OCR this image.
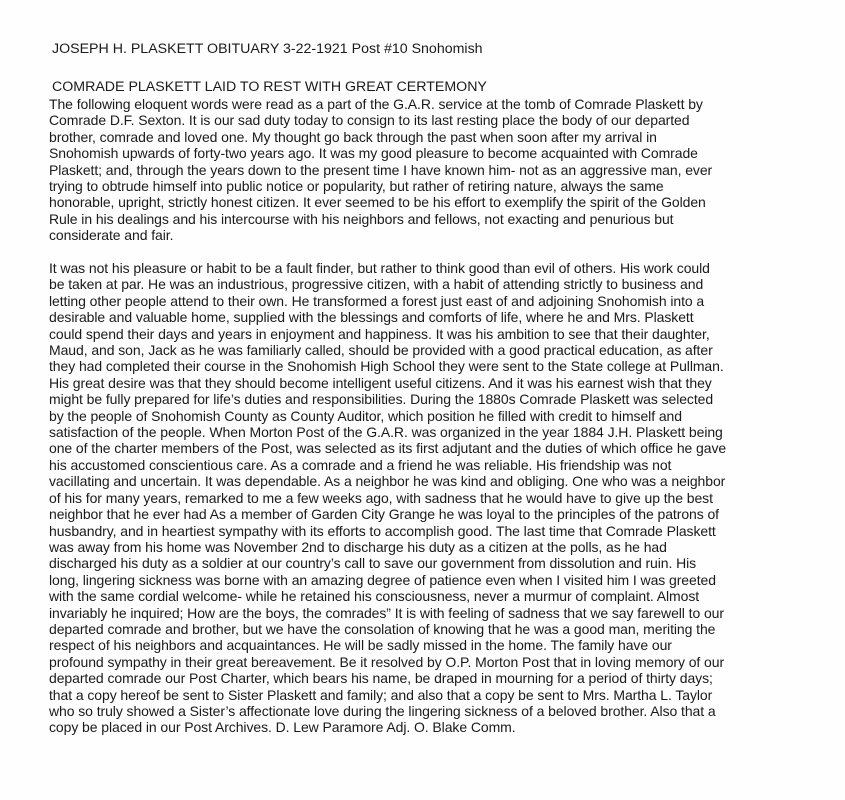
JOSEPH H. PLASKETT OBITUARY 3-22-1921 Post #10 Snohomish

COMRADE PLASKETT LAID TO REST WITH GREAT CERTEMONY

The following eloquent words were read as a part of the G.A.R. service at the tomb of Comrade Plaskett by
Comrade D.F. Sexton. It is our sad duty today to consign to its last resting place the body of our departed
brother, comrade and loved one. My thought go back through the past when soon after my arrival in
Snohomish upwards of forty-two years ago. It was my good pleasure to become acquainted with Comrade
Plaskett; and, through the years down to the present time I have known him- not as an aggressive man, ever
trying to obtrude himself into public notice or popularity, but rather of retiring nature, always the same
honorable, upright, strictly honest citizen. It ever seemed to be his effort to exemplify the spirit of the Golden
Rule in his dealings and his intercourse with his neighbors and fellows, not exacting and penurious but
considerate and fair.

It was not his pleasure or habit to be a fault finder, but rather to think good than evil of others. His work could
be taken at par. He was an industrious, progressive citizen, with a habit of attending strictly to business and
letting other people attend to their own. He transformed a forest just east of and adjoining Snohomish into a
desirable and valuable home, supplied with the blessings and comforts of life, where he and Mrs. Plaskett
could spend their days and years in enjoyment and happiness. It was his ambition to see that their daughter,
Maud, and son, Jack as he was familiarly called, should be provided with a good practical education, as after
they had completed their course in the Snohomish High School they were sent to the State college at Pullman.
His great desire was that they should become intelligent useful citizens. And it was his earnest wish that they
might be fully prepared for life’s duties and responsibilities. During the 1880s Comrade Plaskett was selected
by the people of Snohomish County as County Auditor, which position he filled with credit to himself and
satisfaction of the people. When Morton Post of the G.A.R. was organized in the year 1884 J.H. Plaskett being
one of the charter members of the Post, was selected as its first adjutant and the duties of which office he gave
his accustomed conscientious care. As a comrade and a friend he was reliable. His friendship was not
vacillating and uncertain. It was dependable. As a neighbor he was kind and obliging. One who was a neighbor
of his for many years, remarked to me a few weeks ago, with sadness that he would have to give up the best
neighbor that he ever had As a member of Garden City Grange he was loyal to the principles of the patrons of
husbandry, and in heartiest sympathy with its efforts to accomplish good. The last time that Comrade Plaskett
was away from his home was November 2nd to discharge his duty as a citizen at the polls, as he had
discharged his duty as a soldier at our country’s call to save our government from dissolution and ruin. His
long, lingering sickness was borne with an amazing degree of patience even when I visited him I was greeted
with the same cordial welcome- while he retained his consciousness, never a murmur of complaint. Almost
invariably he inquired; How are the boys, the comrades” It is with feeling of sadness that we say farewell to our
departed comrade and brother, but we have the consolation of knowing that he was a good man, meriting the
respect of his neighbors and acquaintances. He will be sadly missed in the home. The family have our
profound sympathy in their great bereavement. Be it resolved by O.P. Morton Post that in loving memory of our
departed comrade our Post Charter, which bears his name, be draped in mourning for a period of thirty days;
that a copy hereof be sent to Sister Plaskett and family; and also that a copy be sent to Mrs. Martha L. Taylor
who so truly showed a Sister’s affectionate love during the lingering sickness of a beloved brother. Also that a
copy be placed in our Post Archives. D. Lew Paramore Adj. O. Blake Comm.
